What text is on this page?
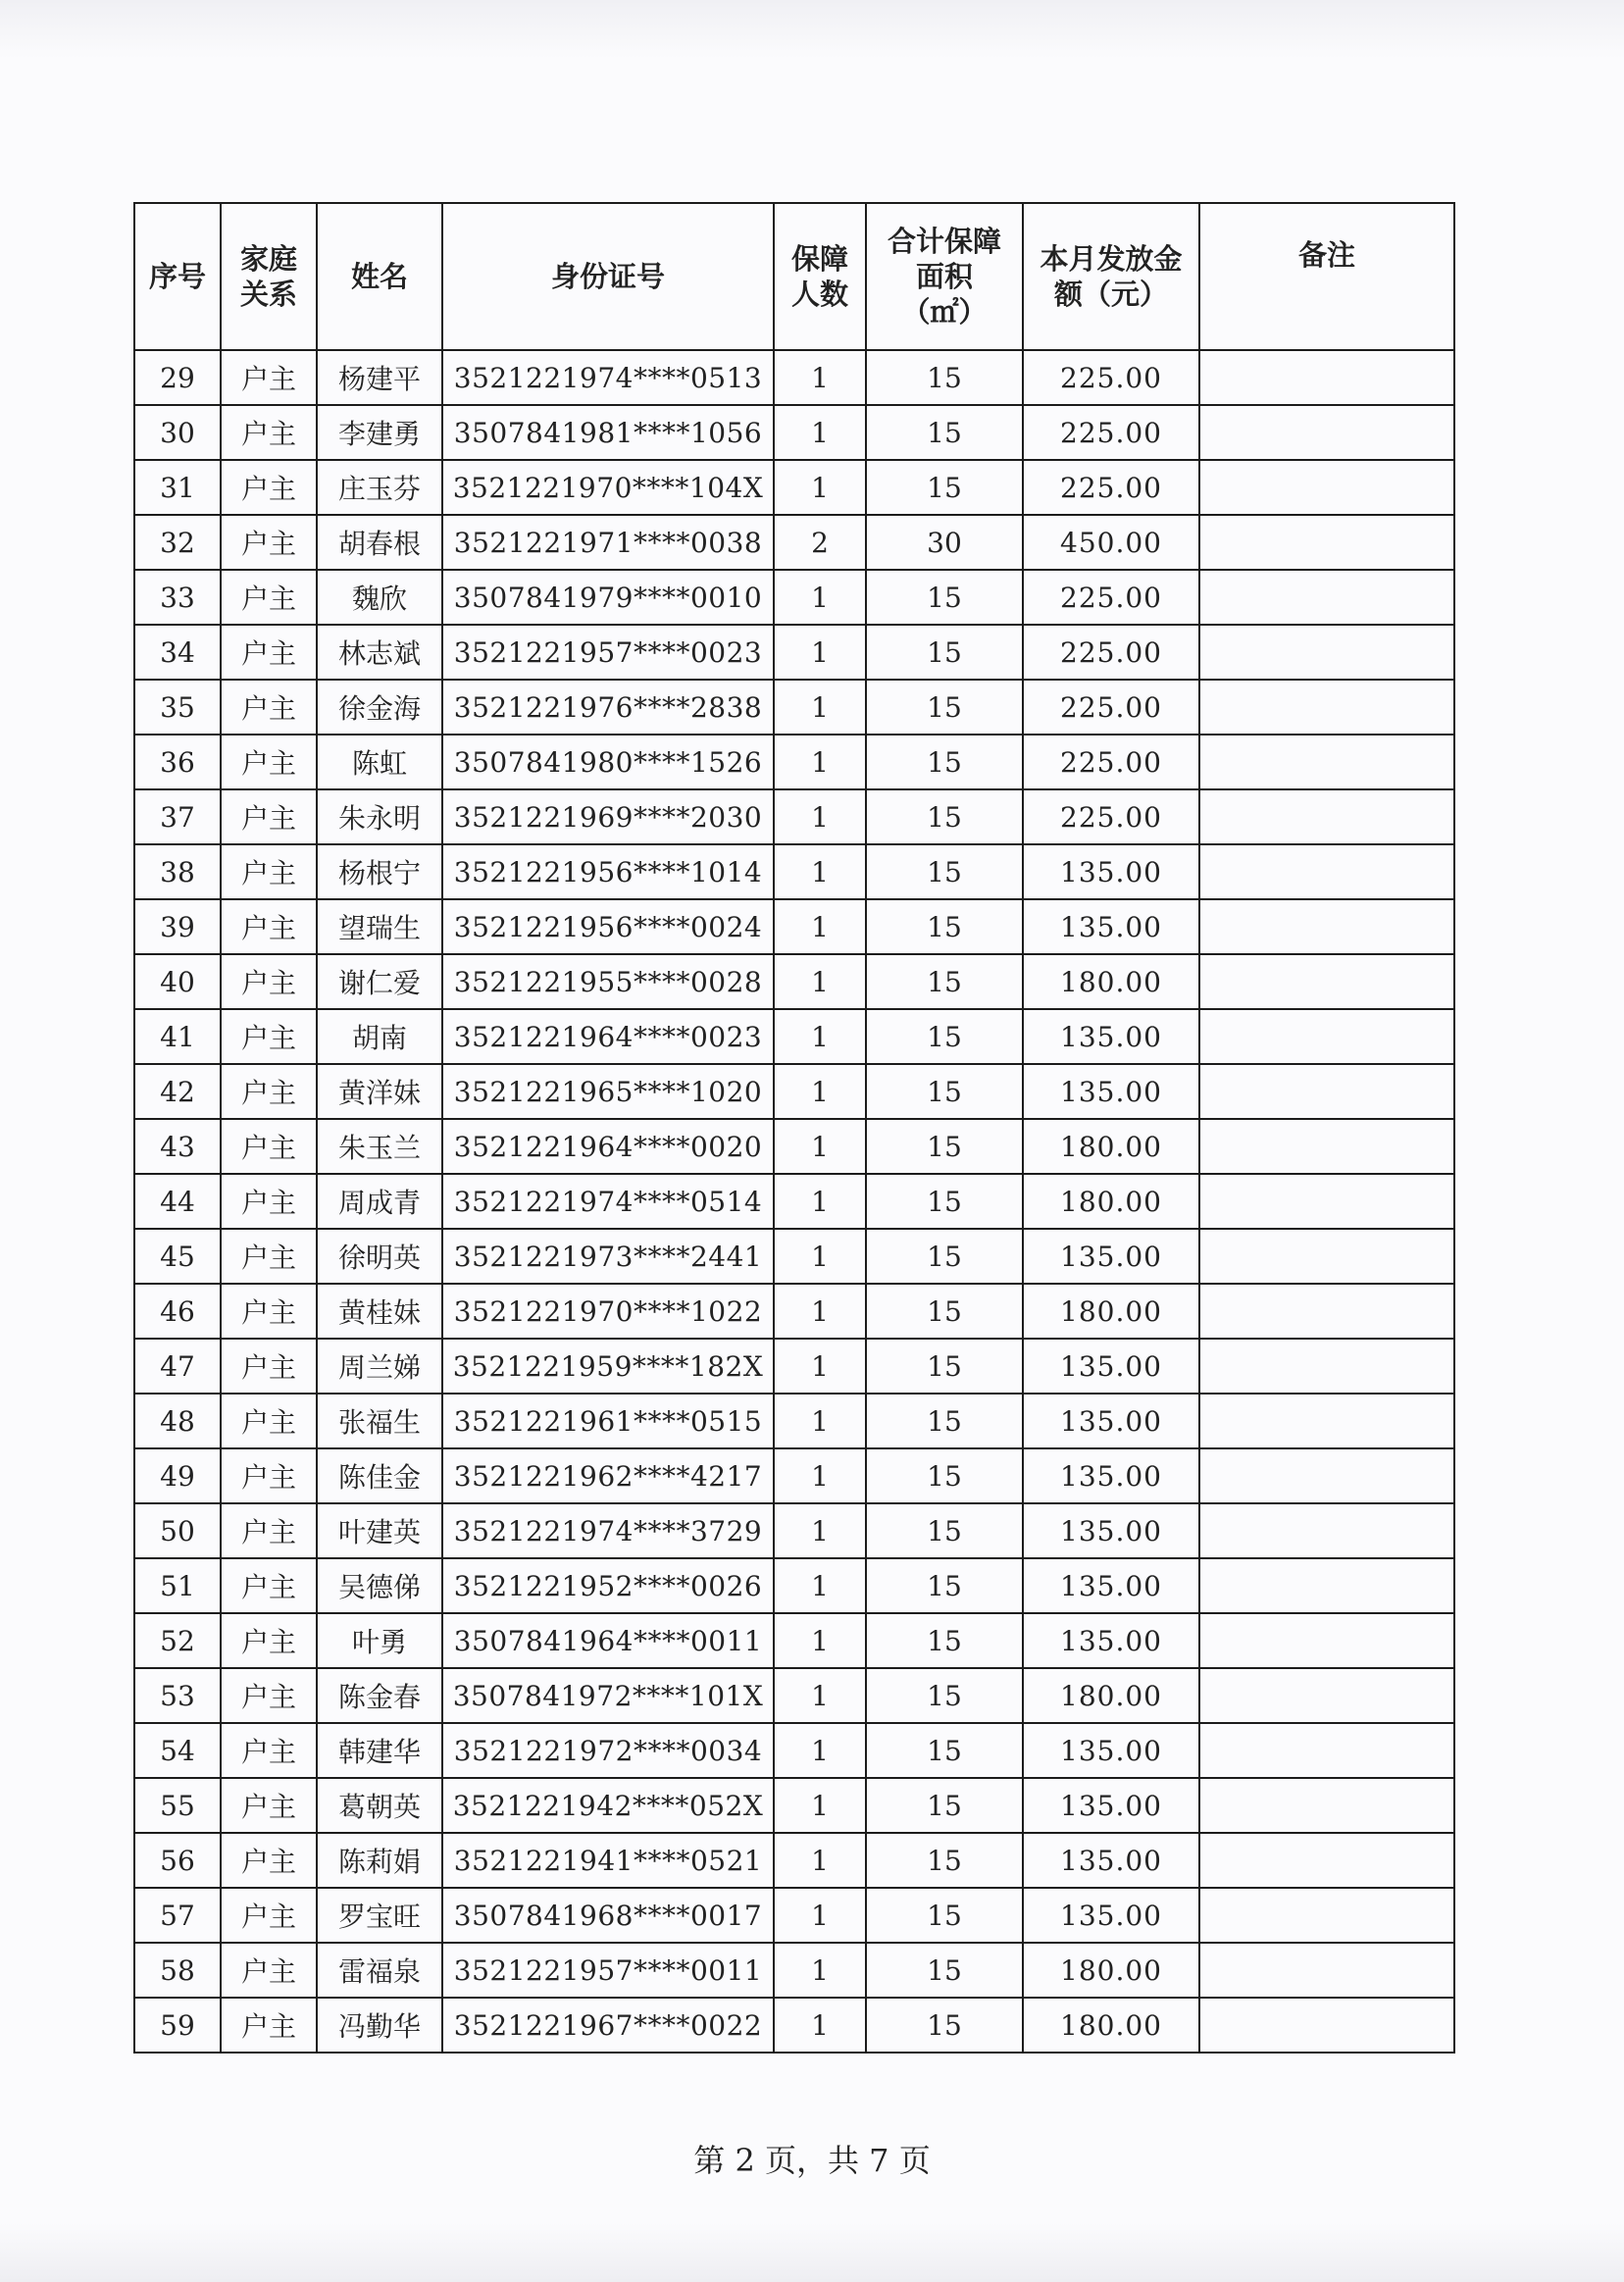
序号	家庭关系	姓名	身份证号	保障人数	合计保障面积（㎡）	本月发放金额（元）	备注
29	户主	杨建平	3521221974****0513	1	15	225.00	
30	户主	李建勇	3507841981****1056	1	15	225.00	
31	户主	庄玉芬	3521221970****104X	1	15	225.00	
32	户主	胡春根	3521221971****0038	2	30	450.00	
33	户主	魏欣	3507841979****0010	1	15	225.00	
34	户主	林志斌	3521221957****0023	1	15	225.00	
35	户主	徐金海	3521221976****2838	1	15	225.00	
36	户主	陈虹	3507841980****1526	1	15	225.00	
37	户主	朱永明	3521221969****2030	1	15	225.00	
38	户主	杨根宁	3521221956****1014	1	15	135.00	
39	户主	望瑞生	3521221956****0024	1	15	135.00	
40	户主	谢仁爱	3521221955****0028	1	15	180.00	
41	户主	胡南	3521221964****0023	1	15	135.00	
42	户主	黄洋妹	3521221965****1020	1	15	135.00	
43	户主	朱玉兰	3521221964****0020	1	15	180.00	
44	户主	周成青	3521221974****0514	1	15	180.00	
45	户主	徐明英	3521221973****2441	1	15	135.00	
46	户主	黄桂妹	3521221970****1022	1	15	180.00	
47	户主	周兰娣	3521221959****182X	1	15	135.00	
48	户主	张福生	3521221961****0515	1	15	135.00	
49	户主	陈佳金	3521221962****4217	1	15	135.00	
50	户主	叶建英	3521221974****3729	1	15	135.00	
51	户主	吴德俤	3521221952****0026	1	15	135.00	
52	户主	叶勇	3507841964****0011	1	15	135.00	
53	户主	陈金春	3507841972****101X	1	15	180.00	
54	户主	韩建华	3521221972****0034	1	15	135.00	
55	户主	葛朝英	3521221942****052X	1	15	135.00	
56	户主	陈莉娟	3521221941****0521	1	15	135.00	
57	户主	罗宝旺	3507841968****0017	1	15	135.00	
58	户主	雷福泉	3521221957****0011	1	15	180.00	
59	户主	冯勤华	3521221967****0022	1	15	180.00	
第 2 页，共 7 页
